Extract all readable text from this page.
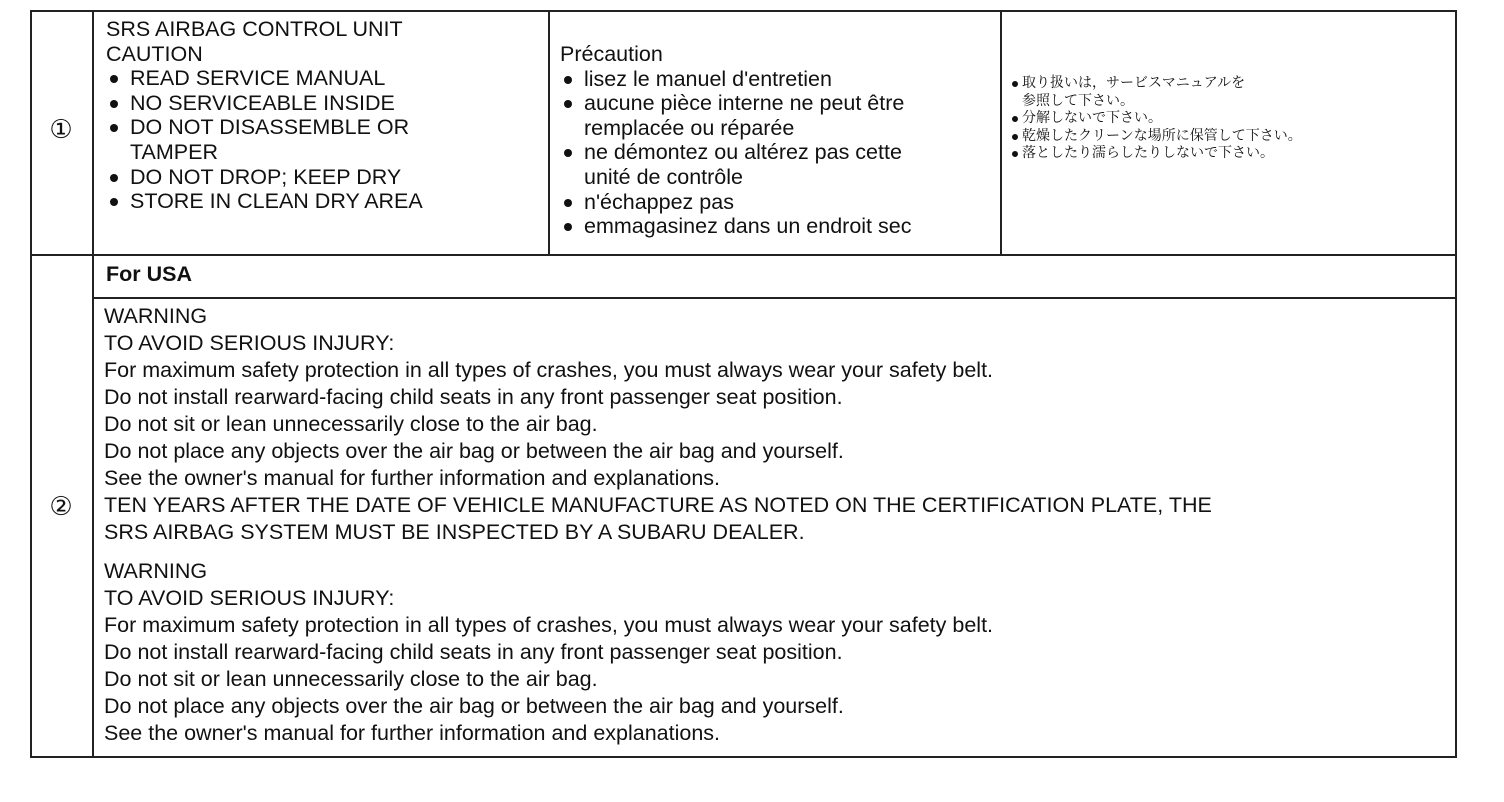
①
SRS AIRBAG CONTROL UNIT
CAUTION
READ SERVICE MANUAL
NO SERVICEABLE INSIDE
DO NOT DISASSEMBLE OR
TAMPER
DO NOT DROP; KEEP DRY
STORE IN CLEAN DRY AREA
Précaution
lisez le manuel d'entretien
aucune pièce interne ne peut être
remplacée ou réparée
ne démontez ou altérez pas cette
unité de contrôle
n'échappez pas
emmagasinez dans un endroit sec
取り扱いは，サービスマニュアルを
参照して下さい。
分解しないで下さい。
乾燥したクリーンな場所に保管して下さい。
落としたり濡らしたりしないで下さい。
②
For USA
WARNING
TO AVOID SERIOUS INJURY:
For maximum safety protection in all types of crashes, you must always wear your safety belt.
Do not install rearward-facing child seats in any front passenger seat position.
Do not sit or lean unnecessarily close to the air bag.
Do not place any objects over the air bag or between the air bag and yourself.
See the owner's manual for further information and explanations.
TEN YEARS AFTER THE DATE OF VEHICLE MANUFACTURE AS NOTED ON THE CERTIFICATION PLATE, THE
SRS AIRBAG SYSTEM MUST BE INSPECTED BY A SUBARU DEALER.
WARNING
TO AVOID SERIOUS INJURY:
For maximum safety protection in all types of crashes, you must always wear your safety belt.
Do not install rearward-facing child seats in any front passenger seat position.
Do not sit or lean unnecessarily close to the air bag.
Do not place any objects over the air bag or between the air bag and yourself.
See the owner's manual for further information and explanations.
